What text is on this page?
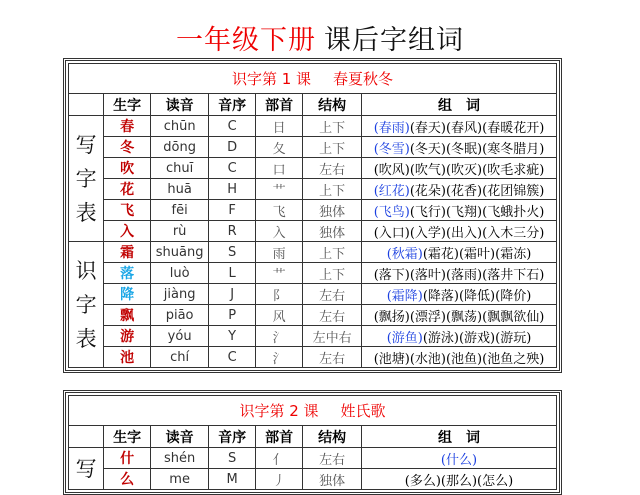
一年级下册 课后字组词
识字第 1 课 春夏秋冬						
	生字	读音	音序	部首	结构	组　词

写字表	春	chūn	C	日	上下	(春雨)(春天)(春风)(春暖花开)
	冬	dōng	D	夂	上下	(冬雪)(冬天)(冬眠)(寒冬腊月)
	吹	chuī	C	口	左右	(吹风)(吹气)(吹灭)(吹毛求疵)
	花	huā	H	艹	上下	(红花)(花朵)(花香)(花团锦簇)
	飞	fēi	F	飞	独体	(飞鸟)(飞行)(飞翔)(飞蛾扑火)
	入	rù	R	入	独体	(入口)(入学)(出入)(入木三分)

识字表	霜	shuāng	S	雨	上下	(秋霜)(霜花)(霜叶)(霜冻)
	落	luò	L	艹	上下	(落下)(落叶)(落雨)(落井下石)
	降	jiàng	J	阝	左右	(霜降)(降落)(降低)(降价)
	飘	piāo	P	风	左右	(飘扬)(漂浮)(飘荡)(飘飘欲仙)
	游	yóu	Y	氵	左中右	(游鱼)(游泳)(游戏)(游玩)
	池	chí	C	氵	左右	(池塘)(水池)(池鱼)(池鱼之殃)
识字第 2 课 姓氏歌						
	生字	读音	音序	部首	结构	组　词

写	什	shén	S	亻	左右	(什么)
	么	me	M	丿	独体	(多么)(那么)(怎么)
